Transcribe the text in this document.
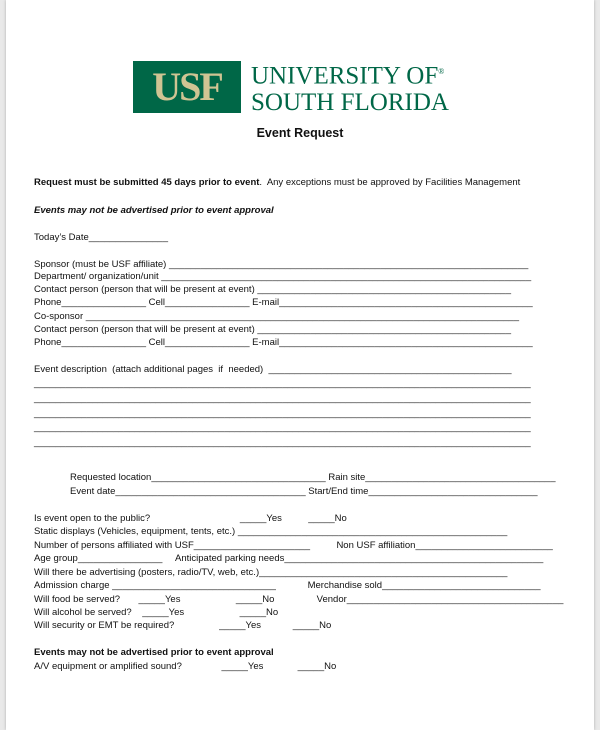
USF UNIVERSITY OF®
SOUTH FLORIDA
Event Request
Request must be submitted 45 days prior to event.  Any exceptions must be approved by Facilities Management
Events may not be advertised prior to event approval
Today’s Date_______________
Sponsor (must be USF affiliate) ____________________________________________________________________
Department/ organization/unit ______________________________________________________________________
Contact person (person that will be present at event) ________________________________________________
Phone________________ Cell________________ E-mail________________________________________________
Co-sponsor __________________________________________________________________________________
Contact person (person that will be present at event) ________________________________________________
Phone________________ Cell________________ E-mail________________________________________________
Event description  (attach additional pages  if  needed)  ______________________________________________
______________________________________________________________________________________________
______________________________________________________________________________________________
______________________________________________________________________________________________
______________________________________________________________________________________________
______________________________________________________________________________________________
Requested location_________________________________ Rain site____________________________________
Event date____________________________________ Start/End time________________________________
Is event open to the public?                                  _____Yes          _____No
Static displays (Vehicles, equipment, tents, etc.) ___________________________________________________
Number of persons affiliated with USF______________________          Non USF affiliation__________________________
Age group________________     Anticipated parking needs_________________________________________________
Will there be advertising (posters, radio/TV, web, etc.)_______________________________________________
Admission charge _______________________________            Merchandise sold______________________________
Will food be served?       _____Yes                     _____No                Vendor_________________________________________
Will alcohol be served?    _____Yes                     _____No
Will security or EMT be required?                 _____Yes            _____No
Events may not be advertised prior to event approval
A/V equipment or amplified sound?               _____Yes             _____No
